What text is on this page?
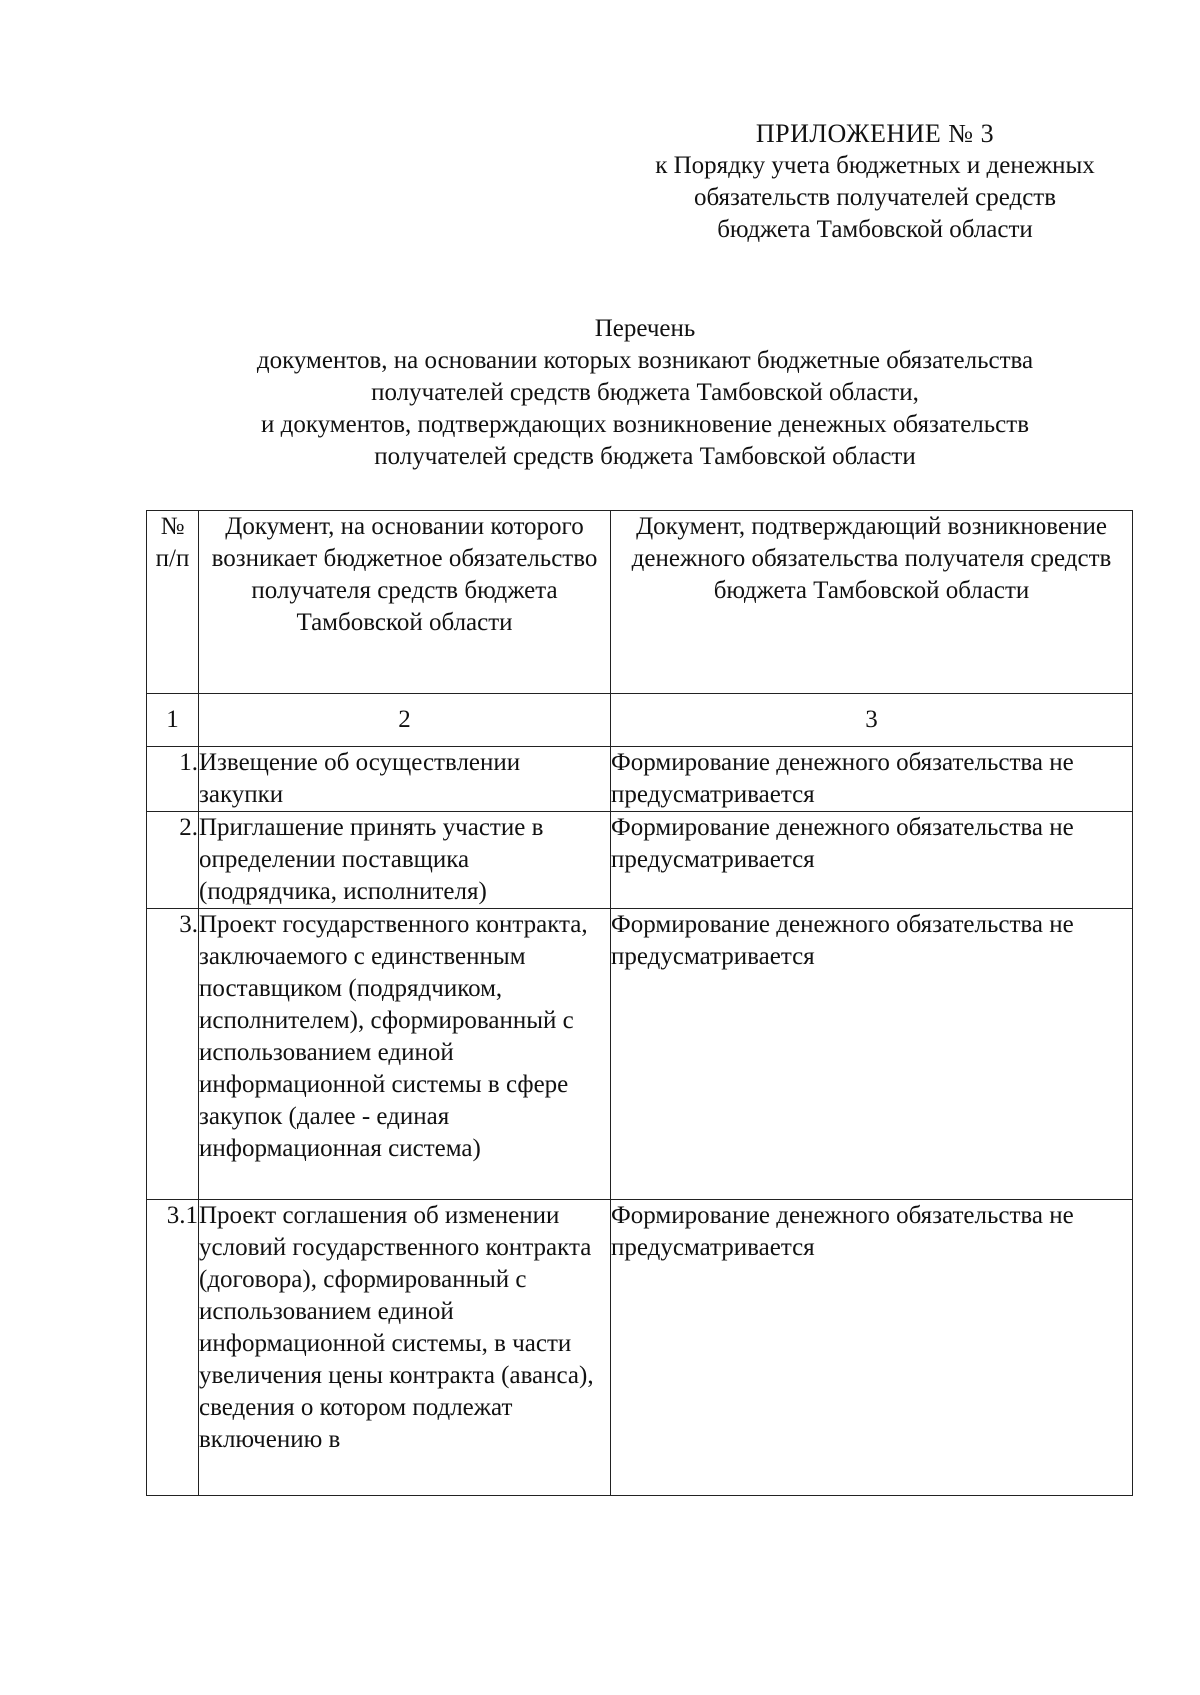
ПРИЛОЖЕНИЕ № 3
к Порядку учета бюджетных и денежных
обязательств получателей средств
бюджета Тамбовской области
Перечень
документов, на основании которых возникают бюджетные обязательства
получателей средств бюджета Тамбовской области,
и документов, подтверждающих возникновение денежных обязательств
получателей средств бюджета Тамбовской области
№
п/п	Документ, на основании которого возникает бюджетное обязательство получателя средств бюджета Тамбовской области	Документ, подтверждающий возникновение денежного обязательства получателя средств бюджета Тамбовской области
1	2	3
1.	Извещение об осуществлении закупки	Формирование денежного обязательства не предусматривается
2.	Приглашение принять участие в определении поставщика (подрядчика, исполнителя)	Формирование денежного обязательства не предусматривается
3.	Проект государственного контракта, заключаемого с единственным поставщиком (подрядчиком, исполнителем), сформированный с использованием единой информационной системы в сфере закупок (далее - единая информационная система)	Формирование денежного обязательства не предусматривается
3.1	Проект соглашения об изменении условий государственного контракта (договора), сформированный с использованием единой информационной системы, в части увеличения цены контракта (аванса), сведения о котором подлежат включению в	Формирование денежного обязательства не предусматривается
